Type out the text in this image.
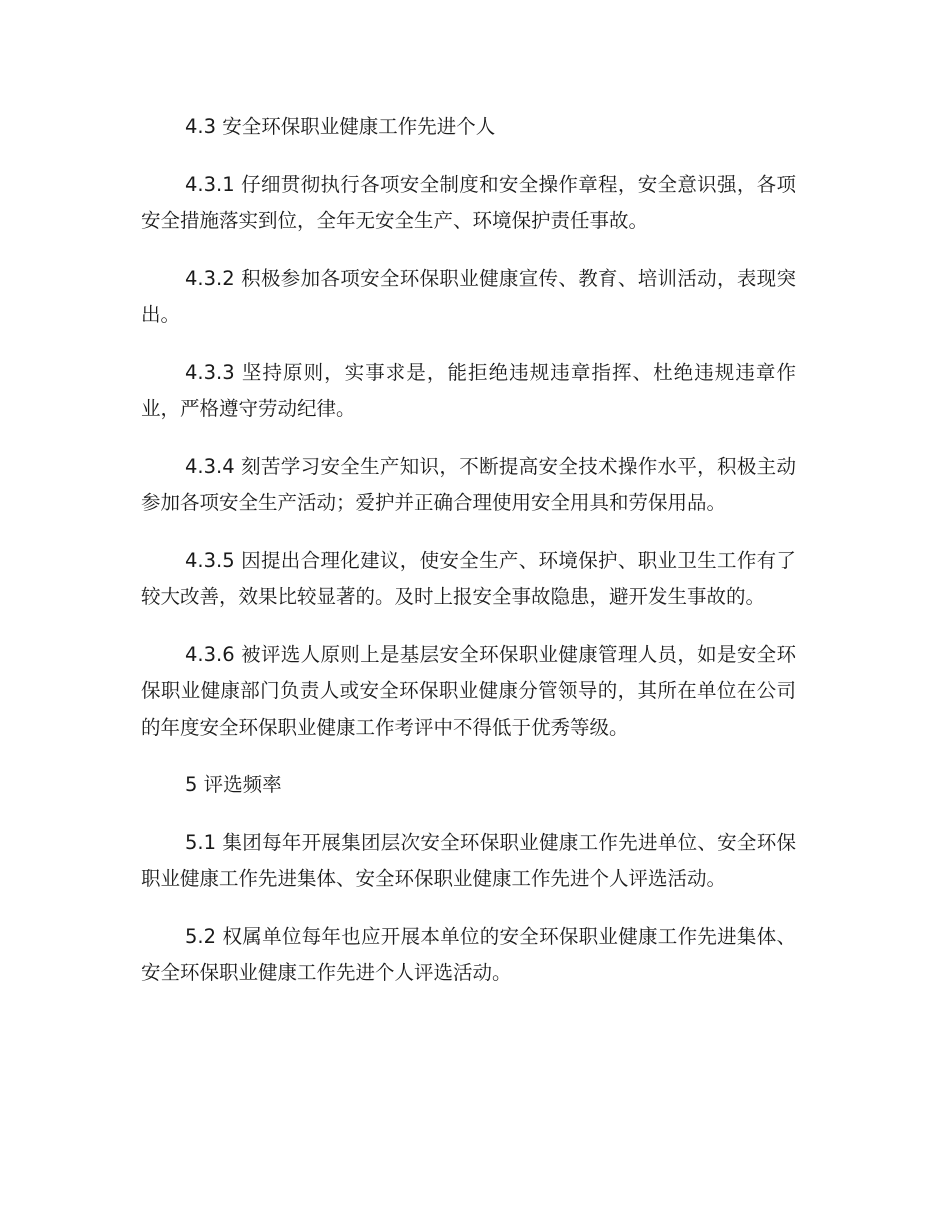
4.3 安全环保职业健康工作先进个人

4.3.1 仔细贯彻执行各项安全制度和安全操作章程，安全意识强，各项安全措施落实到位，全年无安全生产、环境保护责任事故。

4.3.2 积极参加各项安全环保职业健康宣传、教育、培训活动，表现突出。

4.3.3 坚持原则，实事求是，能拒绝违规违章指挥、杜绝违规违章作业，严格遵守劳动纪律。

4.3.4 刻苦学习安全生产知识，不断提高安全技术操作水平，积极主动参加各项安全生产活动；爱护并正确合理使用安全用具和劳保用品。

4.3.5 因提出合理化建议，使安全生产、环境保护、职业卫生工作有了较大改善，效果比较显著的。及时上报安全事故隐患，避开发生事故的。

4.3.6 被评选人原则上是基层安全环保职业健康管理人员，如是安全环保职业健康部门负责人或安全环保职业健康分管领导的，其所在单位在公司的年度安全环保职业健康工作考评中不得低于优秀等级。

5 评选频率

5.1 集团每年开展集团层次安全环保职业健康工作先进单位、安全环保职业健康工作先进集体、安全环保职业健康工作先进个人评选活动。

5.2 权属单位每年也应开展本单位的安全环保职业健康工作先进集体、安全环保职业健康工作先进个人评选活动。
